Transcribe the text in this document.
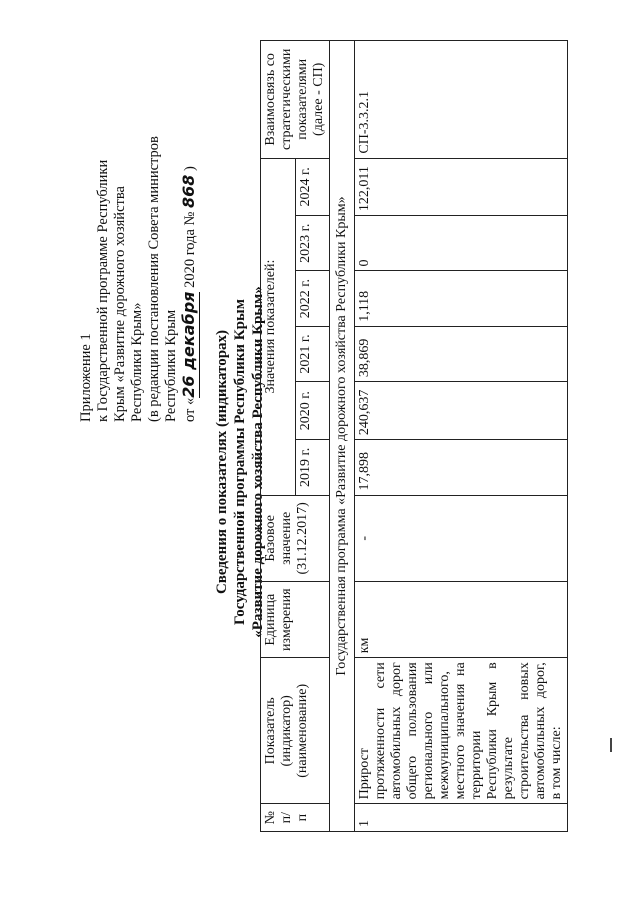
Приложение 1 к Государственной программе Республики Крым «Развитие дорожного хозяйства Республики Крым» (в редакции постановления Совета министров Республики Крым от «26 декабря 2020 года № 868 )
Сведения о показателях (индикаторах) Государственной программы Республики Крым «Развитие дорожного хозяйства Республики Крым»
№ п/п	Показатель (индикатор) (наименование)	Единица измерения	Базовое значение (31.12.2017)	Значения показателей:						Взаимосвязь со стратегическими показателями (далее - СП)
				2019 г.	2020 г.	2021 г.	2022 г.	2023 г.	2024 г.	
Государственная программа «Развитие дорожного хозяйства Республики Крым»										
1	Прирост протяженности сети автомобильных дорог общего пользования регионального или межмуниципального, местного значения на территории Республики Крым в результате строительства новых автомобильных дорог, в том числе:	км	-	17,898	240,637	38,869	1,118	0	122,011	СП-3.3.2.1
